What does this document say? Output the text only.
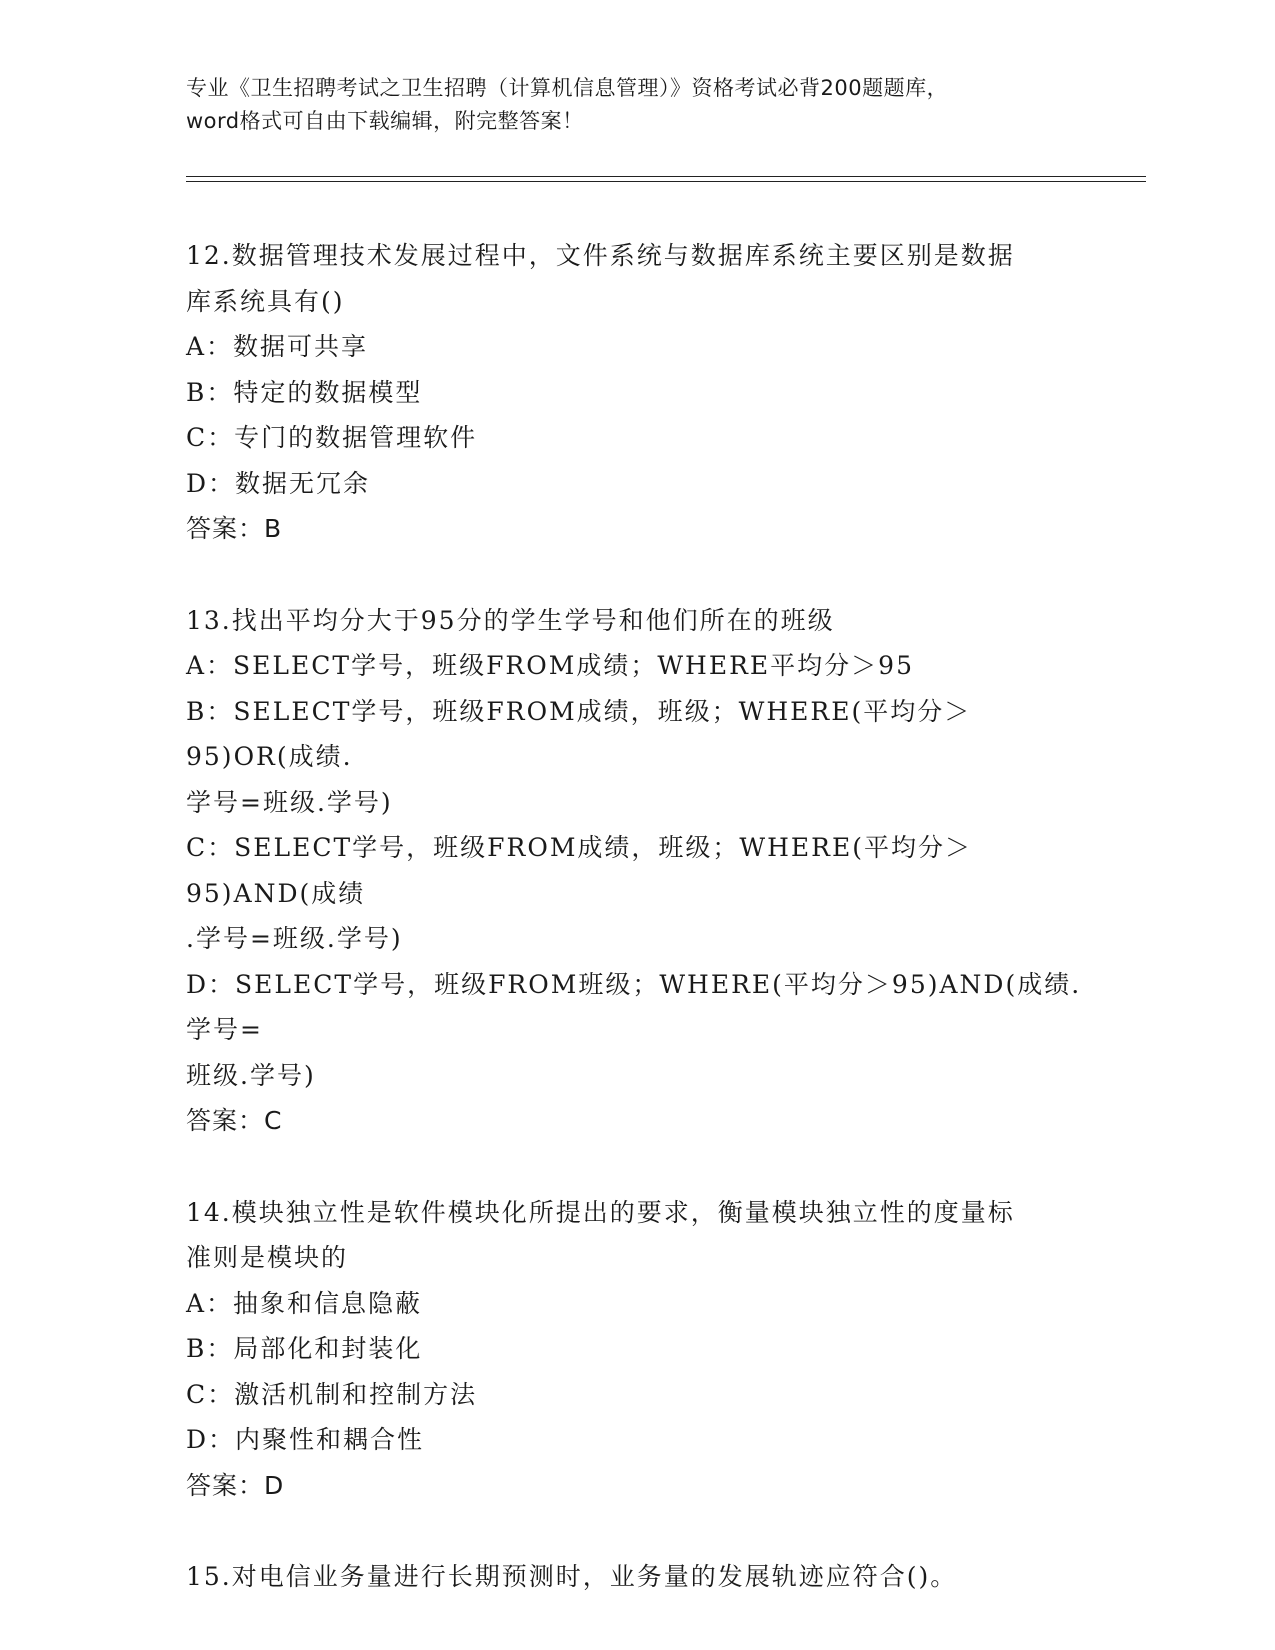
专业《卫生招聘考试之卫生招聘（计算机信息管理）》资格考试必背200题题库，
word格式可自由下载编辑，附完整答案！
12.数据管理技术发展过程中，文件系统与数据库系统主要区别是数据
库系统具有()
A：数据可共享
B：特定的数据模型
C：专门的数据管理软件
D：数据无冗余
答案：B
13.找出平均分大于95分的学生学号和他们所在的班级
A：SELECT学号，班级FROM成绩；WHERE平均分＞95
B：SELECT学号，班级FROM成绩，班级；WHERE(平均分＞95)OR(成绩.
学号=班级.学号)
C：SELECT学号，班级FROM成绩，班级；WHERE(平均分＞95)AND(成绩
.学号=班级.学号)
D：SELECT学号，班级FROM班级；WHERE(平均分＞95)AND(成绩.学号=
班级.学号)
答案：C
14.模块独立性是软件模块化所提出的要求，衡量模块独立性的度量标
准则是模块的
A：抽象和信息隐蔽
B：局部化和封装化
C：激活机制和控制方法
D：内聚性和耦合性
答案：D
15.对电信业务量进行长期预测时，业务量的发展轨迹应符合()。
